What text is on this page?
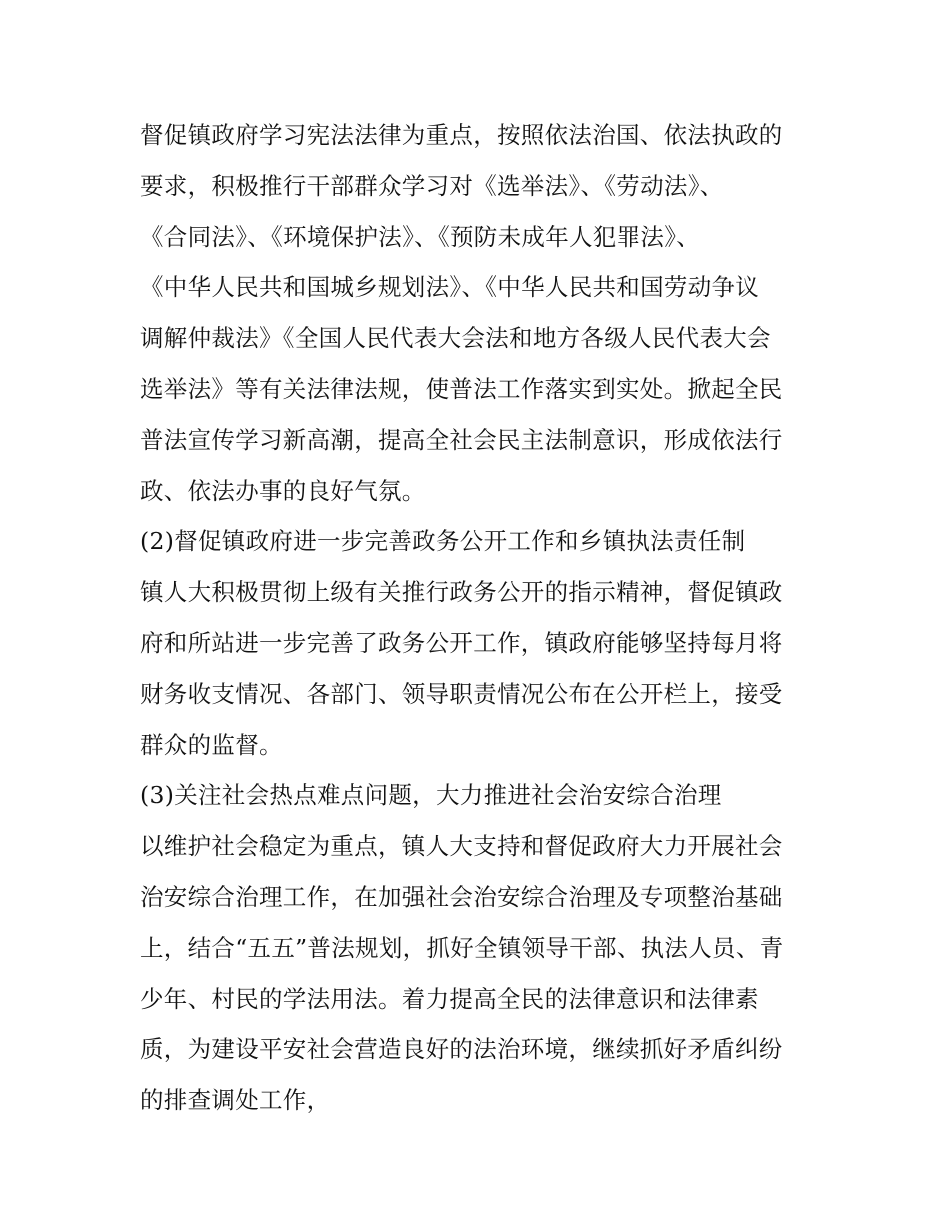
督促镇政府学习宪法法律为重点，按照依法治国、依法执政的
要求，积极推行干部群众学习对《选举法》、《劳动法》、
《合同法》、《环境保护法》、《预防未成年人犯罪法》、
《中华人民共和国城乡规划法》、《中华人民共和国劳动争议
调解仲裁法》《全国人民代表大会法和地方各级人民代表大会
选举法》等有关法律法规，使普法工作落实到实处。掀起全民
普法宣传学习新高潮，提高全社会民主法制意识，形成依法行
政、依法办事的良好气氛。
(2)督促镇政府进一步完善政务公开工作和乡镇执法责任制
镇人大积极贯彻上级有关推行政务公开的指示精神，督促镇政
府和所站进一步完善了政务公开工作，镇政府能够坚持每月将
财务收支情况、各部门、领导职责情况公布在公开栏上，接受
群众的监督。
(3)关注社会热点难点问题，大力推进社会治安综合治理
以维护社会稳定为重点，镇人大支持和督促政府大力开展社会
治安综合治理工作，在加强社会治安综合治理及专项整治基础
上，结合“五五”普法规划，抓好全镇领导干部、执法人员、青
少年、村民的学法用法。着力提高全民的法律意识和法律素
质，为建设平安社会营造良好的法治环境，继续抓好矛盾纠纷
的排查调处工作，
